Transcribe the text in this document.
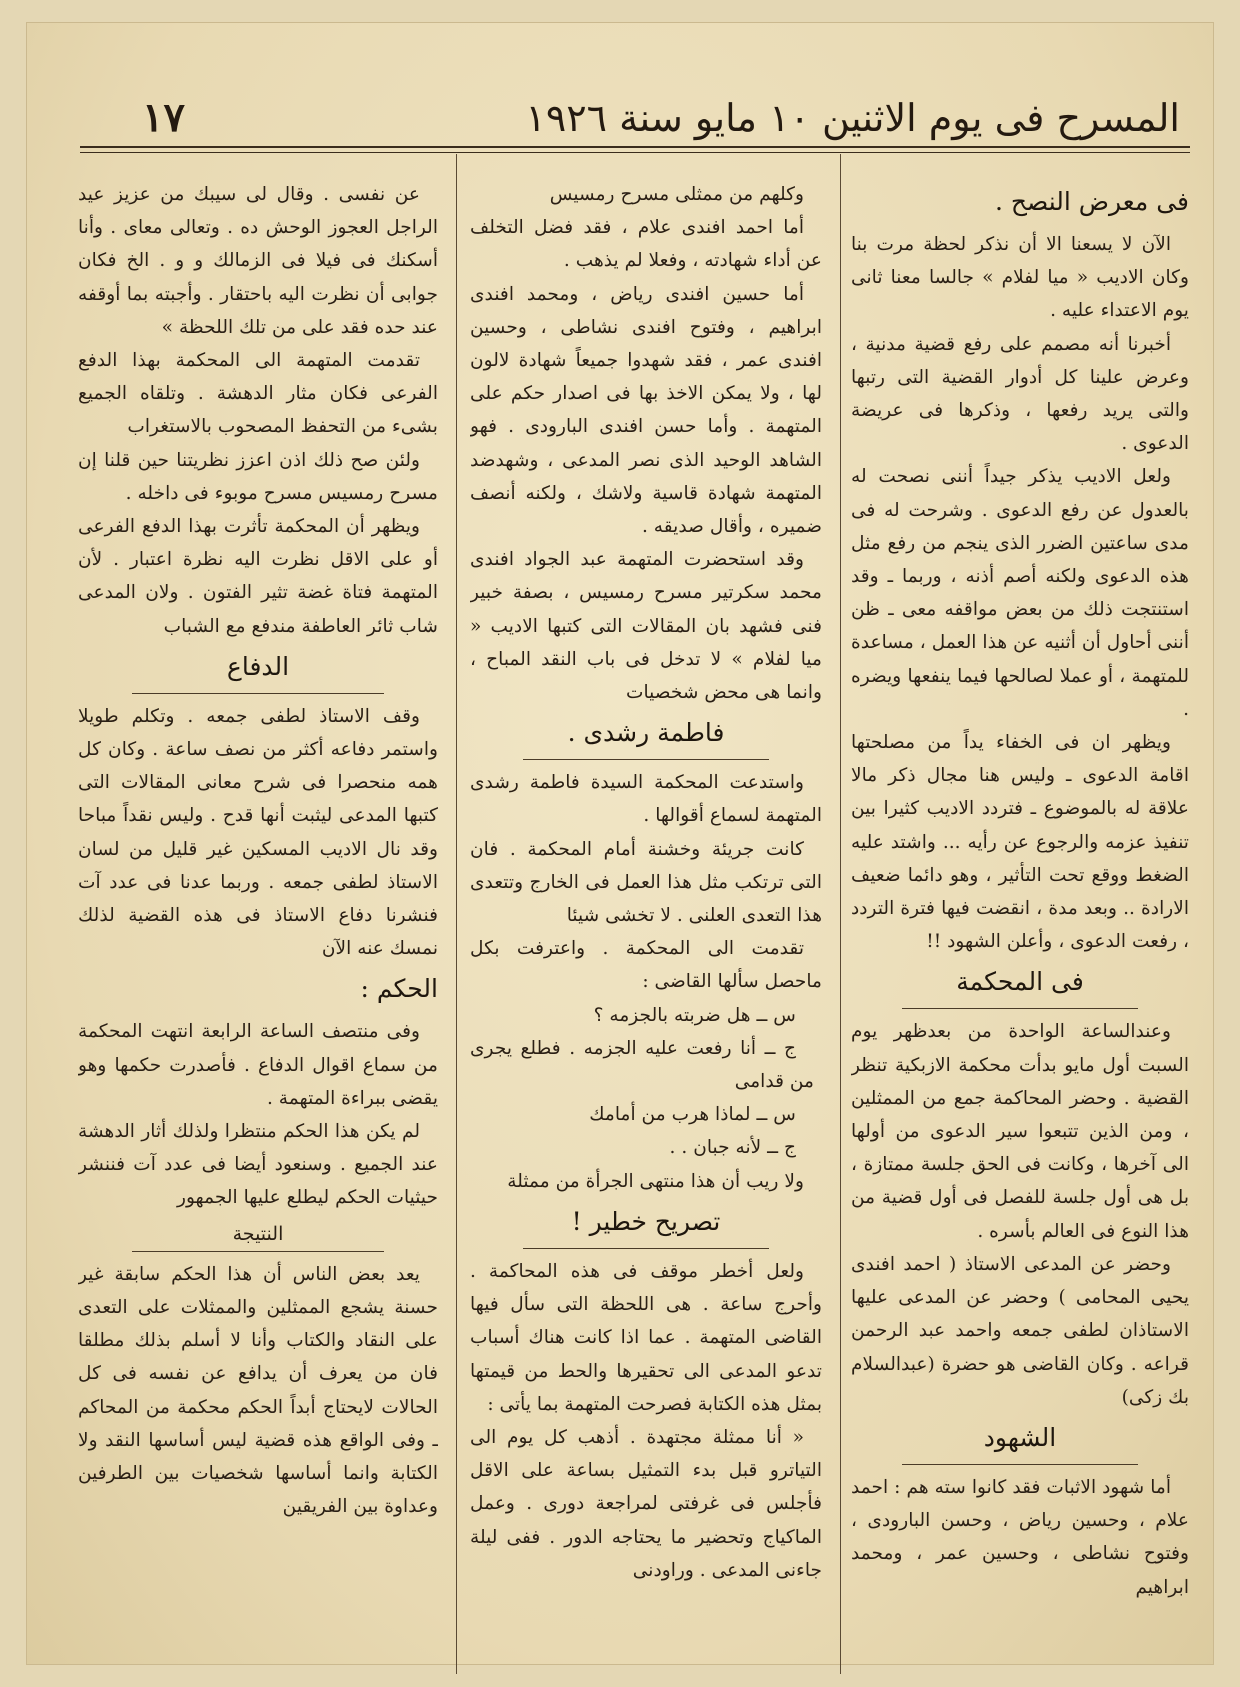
المسرح فى يوم الاثنين ١٠ مايو سنة ١٩٢٦
١٧
فى معرض النصح .

الآن لا يسعنا الا أن نذكر لحظة مرت بنا وكان الاديب « ميا لفلام » جالسا معنا ثانى يوم الاعتداء عليه .

أخبرنا أنه مصمم على رفع قضية مدنية ، وعرض علينا كل أدوار القضية التى رتبها والتى يريد رفعها ، وذكرها فى عريضة الدعوى .

ولعل الاديب يذكر جيداً أننى نصحت له بالعدول عن رفع الدعوى . وشرحت له فى مدى ساعتين الضرر الذى ينجم من رفع مثل هذه الدعوى ولكنه أصم أذنه ، وربما ـ وقد استنتجت ذلك من بعض مواقفه معى ـ ظن أننى أحاول أن أثنيه عن هذا العمل ، مساعدة للمتهمة ، أو عملا لصالحها فيما ينفعها ويضره .

ويظهر ان فى الخفاء يداً من مصلحتها اقامة الدعوى ـ وليس هنا مجال ذكر مالا علاقة له بالموضوع ـ فتردد الاديب كثيرا بين تنفيذ عزمه والرجوع عن رأيه ... واشتد عليه الضغط ووقع تحت التأثير ، وهو دائما ضعيف الارادة .. وبعد مدة ، انقضت فيها فترة التردد ، رفعت الدعوى ، وأعلن الشهود !!

فى المحكمة

وعندالساعة الواحدة من بعدظهر يوم السبت أول مايو بدأت محكمة الازبكية تنظر القضية . وحضر المحاكمة جمع من الممثلين ، ومن الذين تتبعوا سير الدعوى من أولها الى آخرها ، وكانت فى الحق جلسة ممتازة ، بل هى أول جلسة للفصل فى أول قضية من هذا النوع فى العالم بأسره .

وحضر عن المدعى الاستاذ ( احمد افندى يحيى المحامى ) وحضر عن المدعى عليها الاستاذان لطفى جمعه واحمد عبد الرحمن قراعه . وكان القاضى هو حضرة (عبدالسلام بك زكى)

الشهود

أما شهود الاثبات فقد كانوا سته هم : احمد علام ، وحسين رياض ، وحسن البارودى ، وفتوح نشاطى ، وحسين عمر ، ومحمد ابراهيم

وكلهم من ممثلى مسرح رمسيس

أما احمد افندى علام ، فقد فضل التخلف عن أداء شهادته ، وفعلا لم يذهب .

أما حسين افندى رياض ، ومحمد افندى ابراهيم ، وفتوح افندى نشاطى ، وحسين افندى عمر ، فقد شهدوا جميعاً شهادة لالون لها ، ولا يمكن الاخذ بها فى اصدار حكم على المتهمة . وأما حسن افندى البارودى . فهو الشاهد الوحيد الذى نصر المدعى ، وشهدضد المتهمة شهادة قاسية ولاشك ، ولكنه أنصف ضميره ، وأقال صديقه .

وقد استحضرت المتهمة عبد الجواد افندى محمد سكرتير مسرح رمسيس ، بصفة خبير فنى فشهد بان المقالات التى كتبها الاديب « ميا لفلام » لا تدخل فى باب النقد المباح ، وانما هى محض شخصيات

فاطمة رشدى .

واستدعت المحكمة السيدة فاطمة رشدى المتهمة لسماع أقوالها .

كانت جريئة وخشنة أمام المحكمة . فان التى ترتكب مثل هذا العمل فى الخارج وتتعدى هذا التعدى العلنى . لا تخشى شيئا

تقدمت الى المحكمة . واعترفت بكل ماحصل سألها القاضى :

س ــ هل ضربته بالجزمه ؟

ج ــ أنا رفعت عليه الجزمه . فطلع يجرى من قدامى

س ــ لماذا هرب من أمامك

ج ــ لأنه جبان . .

ولا ريب أن هذا منتهى الجرأة من ممثلة

تصريح خطير !

ولعل أخطر موقف فى هذه المحاكمة . وأحرج ساعة . هى اللحظة التى سأل فيها القاضى المتهمة . عما اذا كانت هناك أسباب تدعو المدعى الى تحقيرها والحط من قيمتها بمثل هذه الكتابة فصرحت المتهمة بما يأتى :

« أنا ممثلة مجتهدة . أذهب كل يوم الى التياترو قبل بدء التمثيل بساعة على الاقل فأجلس فى غرفتى لمراجعة دورى . وعمل الماكياج وتحضير ما يحتاجه الدور . ففى ليلة جاءنى المدعى . وراودنى

عن نفسى . وقال لى سيبك من عزيز عيد الراجل العجوز الوحش ده . وتعالى معاى . وأنا أسكنك فى فيلا فى الزمالك و و . الخ فكان جوابى أن نظرت اليه باحتقار . وأجبته بما أوقفه عند حده فقد على من تلك اللحظة »

تقدمت المتهمة الى المحكمة بهذا الدفع الفرعى فكان مثار الدهشة . وتلقاه الجميع بشىء من التحفظ المصحوب بالاستغراب

ولئن صح ذلك اذن اعزز نظريتنا حين قلنا إن مسرح رمسيس مسرح موبوء فى داخله .

ويظهر أن المحكمة تأثرت بهذا الدفع الفرعى أو على الاقل نظرت اليه نظرة اعتبار . لأن المتهمة فتاة غضة تثير الفتون . ولان المدعى شاب ثائر العاطفة مندفع مع الشباب

الدفاع

وقف الاستاذ لطفى جمعه . وتكلم طويلا واستمر دفاعه أكثر من نصف ساعة . وكان كل همه منحصرا فى شرح معانى المقالات التى كتبها المدعى ليثبت أنها قدح . وليس نقداً مباحا وقد نال الاديب المسكين غير قليل من لسان الاستاذ لطفى جمعه . وربما عدنا فى عدد آت فنشرنا دفاع الاستاذ فى هذه القضية لذلك نمسك عنه الآن

الحكم :

وفى منتصف الساعة الرابعة انتهت المحكمة من سماع اقوال الدفاع . فأصدرت حكمها وهو يقضى ببراءة المتهمة .

لم يكن هذا الحكم منتظرا ولذلك أثار الدهشة عند الجميع . وسنعود أيضا فى عدد آت فننشر حيثيات الحكم ليطلع عليها الجمهور

النتيجة

يعد بعض الناس أن هذا الحكم سابقة غير حسنة يشجع الممثلين والممثلات على التعدى على النقاد والكتاب وأنا لا أسلم بذلك مطلقا فان من يعرف أن يدافع عن نفسه فى كل الحالات لايحتاج أبداً الحكم محكمة من المحاكم ـ وفى الواقع هذه قضية ليس أساسها النقد ولا الكتابة وانما أساسها شخصيات بين الطرفين وعداوة بين الفريقين
